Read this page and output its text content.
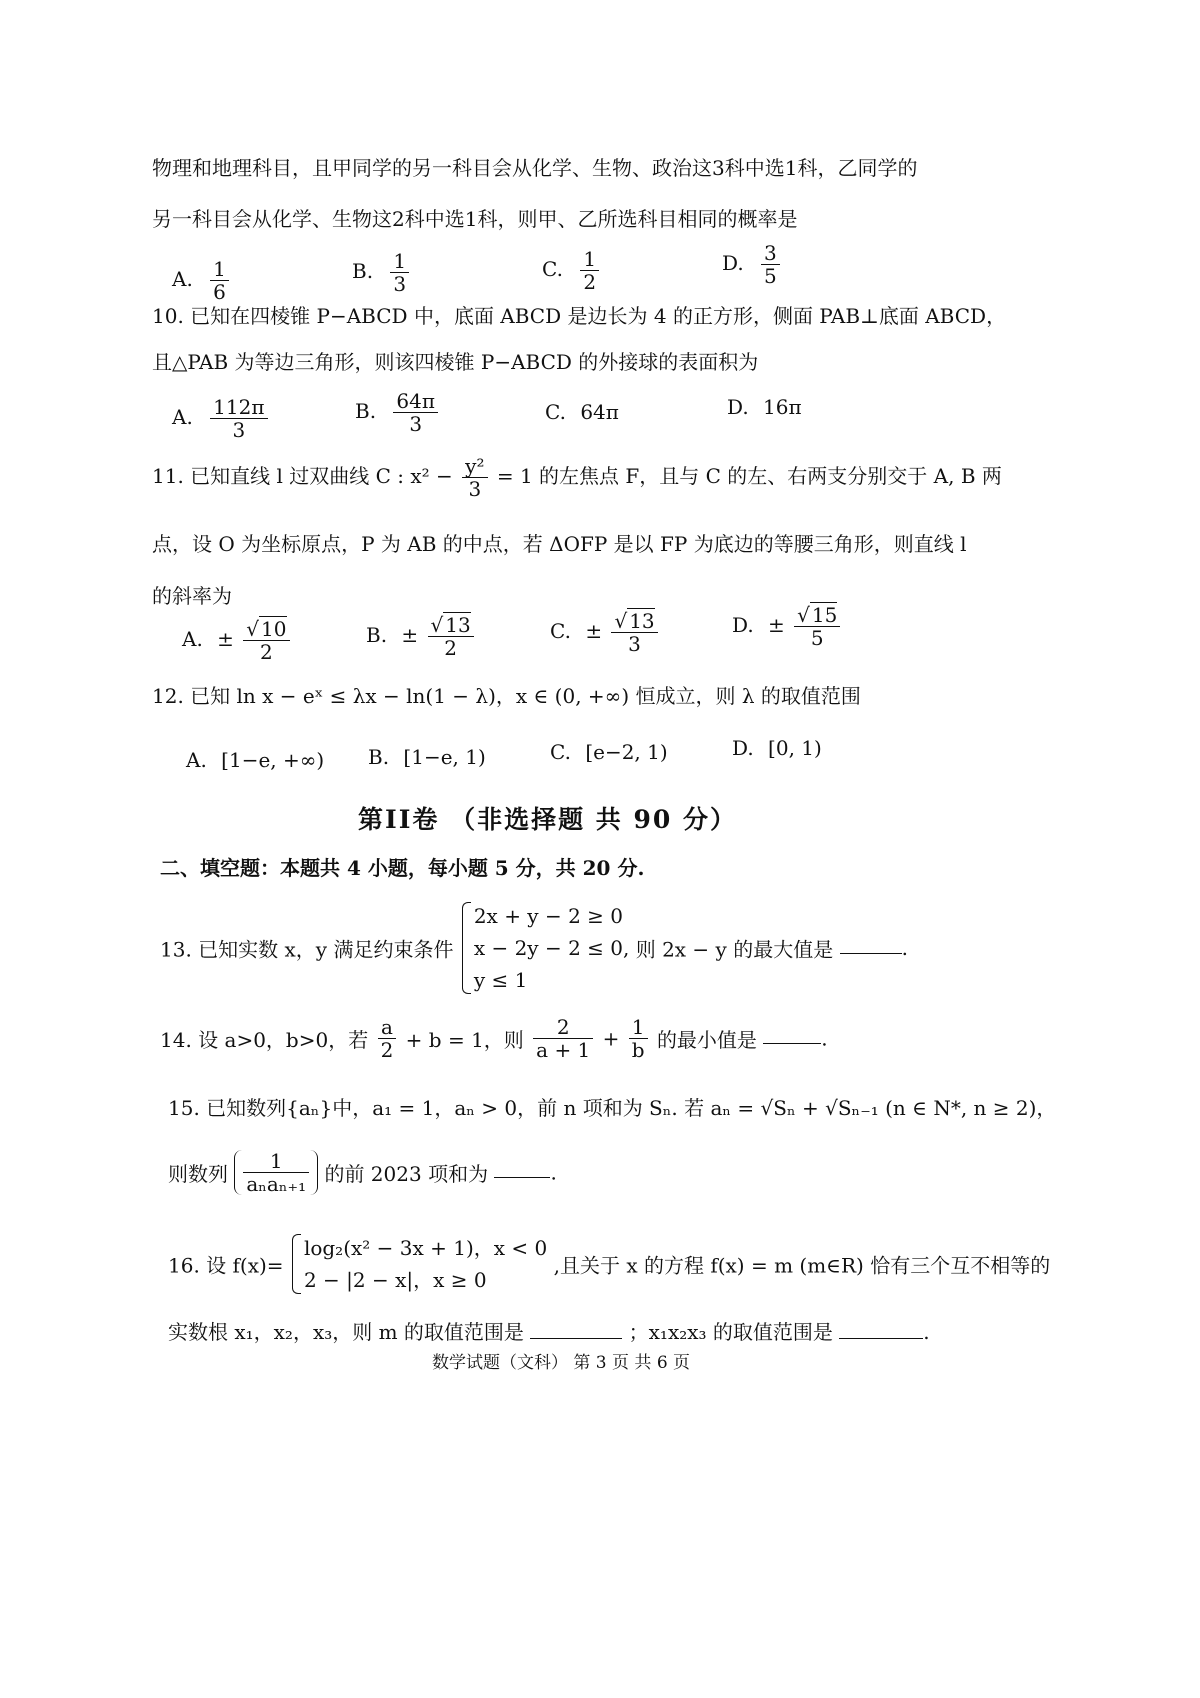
物理和地理科目，且甲同学的另一科目会从化学、生物、政治这3科中选1科，乙同学的
另一科目会从化学、生物这2科中选1科，则甲、乙所选科目相同的概率是
A. $\frac{1}{6}$	B. $\frac{1}{3}$	C. $\frac{1}{2}$	D. $\frac{3}{5}$
10. 已知在四棱锥 P−ABCD 中，底面 ABCD 是边长为 4 的正方形，侧面 PAB⊥底面 ABCD，
且△PAB 为等边三角形，则该四棱锥 P−ABCD 的外接球的表面积为
A. $\frac{112\pi}{3}$	B. $\frac{64\pi}{3}$	C. 64π	D. 16π
11. 已知直线 l 过双曲线 C : $x^2 - \frac{\text{y²}}{3} = 1$ 的左焦点 F，且与 C 的左、右两支分别交于 A, B 两
点，设 O 为坐标原点，P 为 AB 的中点，若 ΔOFP 是以 FP 为底边的等腰三角形，则直线 l
的斜率为
A. ± $\frac{√ 10}{2}$	B. ± $\frac{√ 13}{2}$	C. ± $\frac{√ 13}{3}$	D. ± $\frac{√ 15}{5}$
12. 已知 ln x − eˣ ≤ λx − ln(1 − λ)，x ∈ (0, +∞) 恒成立，则 λ 的取值范围
A. [1−e, +∞) B. [1−e, 1)	C. [e−2, 1)	D. [0, 1)
第II卷 （非选择题 共 90 分）
二、填空题：本题共 4 小题，每小题 5 分，共 20 分.
13. 已知实数 x，y 满足约束条件
2x + y − 2 ≥ 0
x − 2y − 2 ≤ 0,
y ≤ 1
则 2x − y 的最大值是	.
14. 设 a>0，b>0，若 $\frac{a}{2} + b = 1$，则 $\frac{2}{a + 1} + \frac{1}{b}$ 的最小值是	.
15. 已知数列{aₙ}中，a₁ = 1，aₙ > 0，前 n 项和为 Sₙ. 若 aₙ = √Sₙ + √Sₙ₋₁ (n ∈ N*, n ≥ 2)，
则数列 $\frac{1}{\text{aₙaₙ₊₁}}$ 的前 2023 项和为	.
16. 设 f(x)=
log₂(x² − 3x + 1)，x < 0
2 − |2 − x|，x ≥ 0
,且关于 x 的方程 f(x) = m (m∈R) 恰有三个互不相等的
实数根 x₁，x₂，x₃，则 m 的取值范围是	；x₁x₂x₃ 的取值范围是	.
数学试题（文科） 第 3 页 共 6 页
